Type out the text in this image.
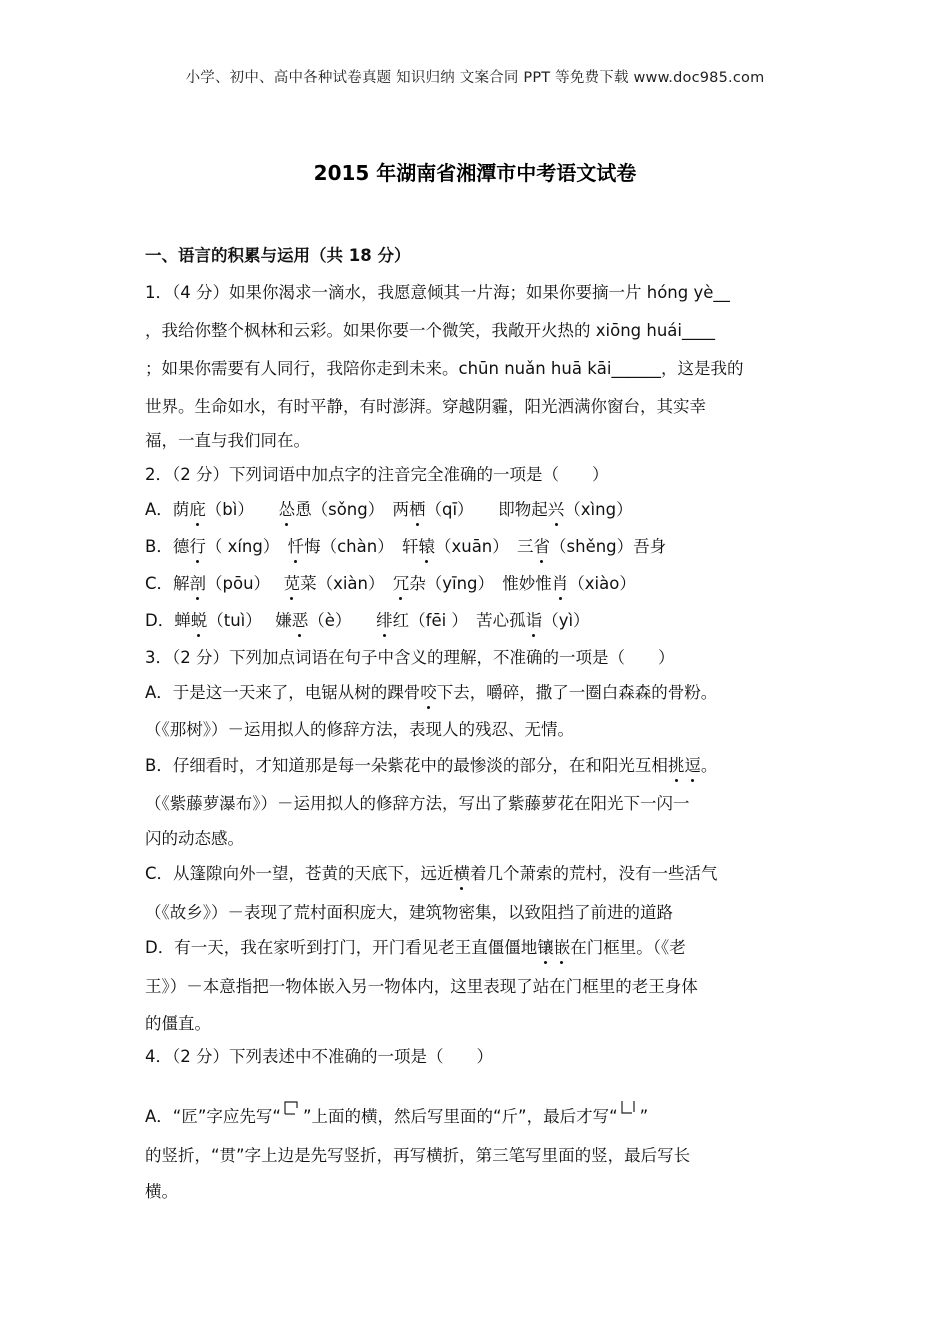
小学、初中、高中各种试卷真题 知识归纳 文案合同 PPT 等免费下载 www.doc985.com
2015 年湖南省湘潭市中考语文试卷
一、语言的积累与运用（共 18 分）
1．（4 分）如果你渴求一滴水，我愿意倾其一片海；如果你要摘一片 hóng yè__
，我给你整个枫林和云彩。如果你要一个微笑，我敞开火热的 xiōng huái____
；如果你需要有人同行，我陪你走到未来。chūn nuǎn huā kāi______，这是我的
世界。生命如水，有时平静，有时澎湃。穿越阴霾，阳光洒满你窗台，其实幸
福，一直与我们同在。
2．（2 分）下列词语中加点字的注音完全准确的一项是（　　）
A．荫庇（bì）　　怂恿（sǒng）　两栖（qī）　　即物起兴（xìng）
B．德行（ xíng）　忏悔（chàn）　轩辕（xuān）　三省（shěng）吾身
C．解剖（pōu）　 苋菜（xiàn）　冗杂（yīng）　惟妙惟肖（xiào）
D．蝉蜕（tuì）　 嫌恶（è）　　绯红（fēi ）　苦心孤诣（yì）
3．（2 分）下列加点词语在句子中含义的理解，不准确的一项是（　　）
A．于是这一天来了，电锯从树的踝骨咬下去，嚼碎，撒了一圈白森森的骨粉。
（《那树》）－运用拟人的修辞方法，表现人的残忍、无情。
B．仔细看时，才知道那是每一朵紫花中的最惨淡的部分，在和阳光互相挑逗。
（《紫藤萝瀑布》）－运用拟人的修辞方法，写出了紫藤萝花在阳光下一闪一
闪的动态感。
C．从篷隙向外一望，苍黄的天底下，远近横着几个萧索的荒村，没有一些活气
（《故乡》）－表现了荒村面积庞大，建筑物密集，以致阻挡了前进的道路
D．有一天，我在家听到打门，开门看见老王直僵僵地镶嵌在门框里。（《老
王》）－本意指把一物体嵌入另一物体内，这里表现了站在门框里的老王身体
的僵直。
4．（2 分）下列表述中不准确的一项是（　　）
A．“匠”字应先写“ ”上面的横，然后写里面的“斤”，最后才写“ ”
的竖折，“贯”字上边是先写竖折，再写横折，第三笔写里面的竖，最后写长
横。
